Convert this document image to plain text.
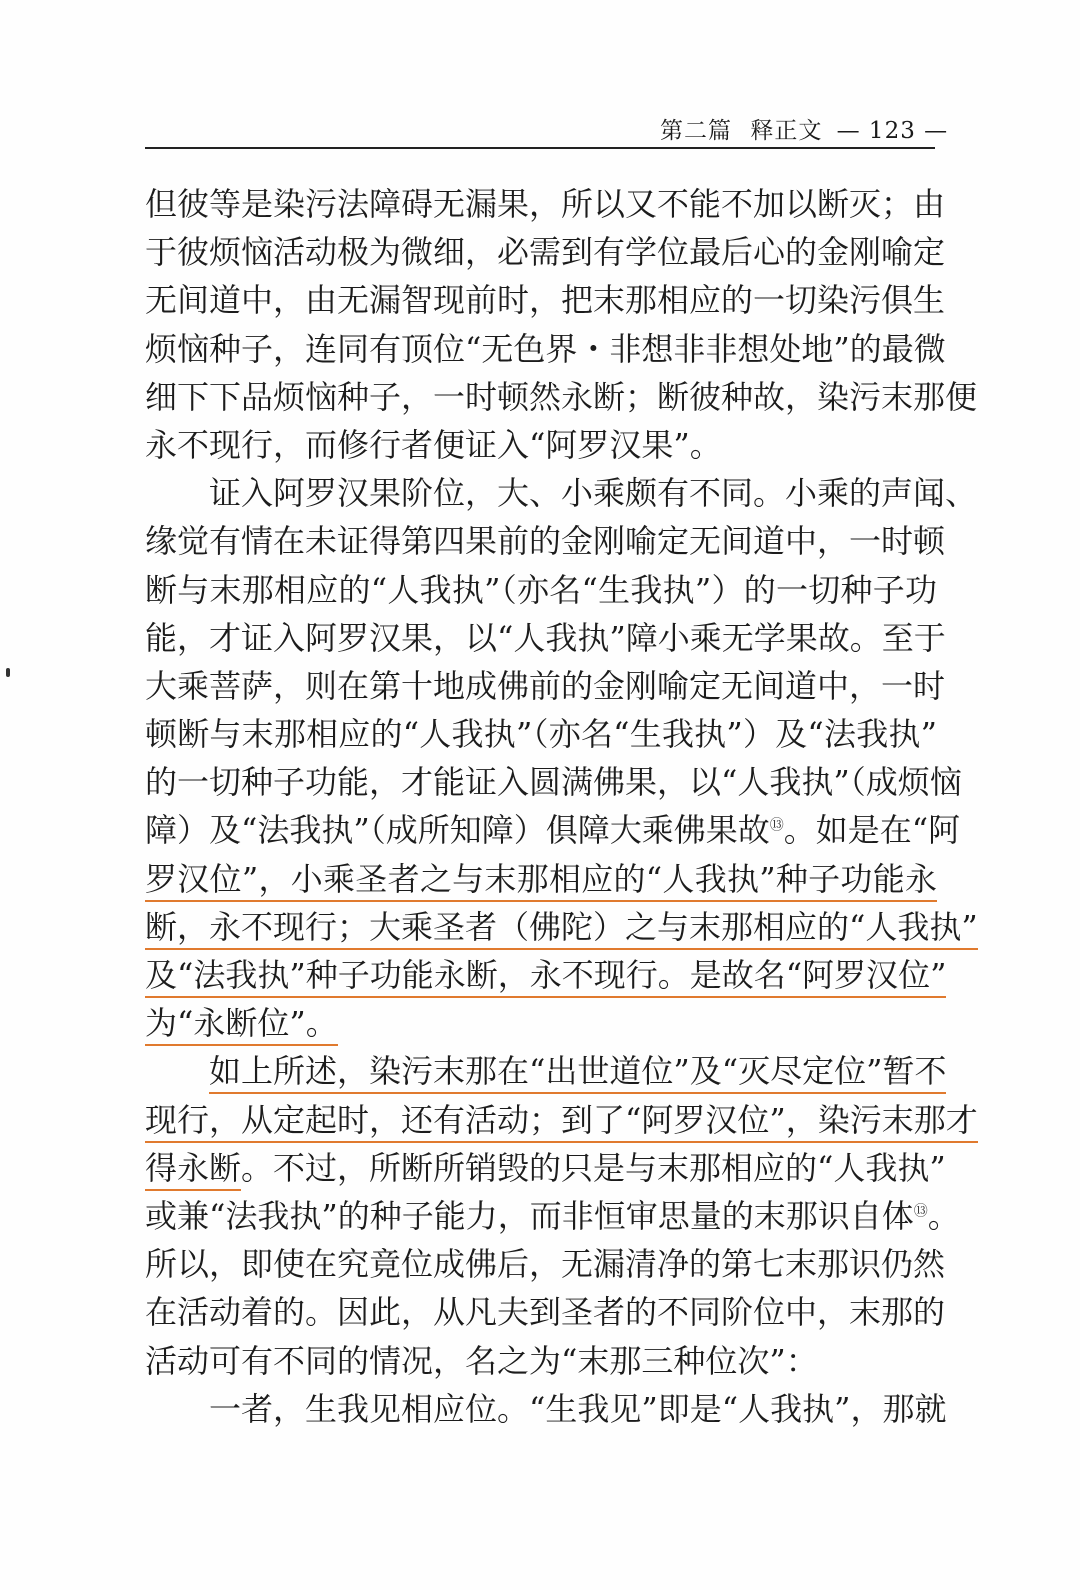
第二篇 释正文 — 123 —
但彼等是染污法障碍无漏果，所以又不能不加以断灭；由
于彼烦恼活动极为微细，必需到有学位最后心的金刚喻定
无间道中，由无漏智现前时，把末那相应的一切染污俱生
烦恼种子，连同有顶位“无色界・非想非非想处地”的最微
细下下品烦恼种子，一时顿然永断；断彼种故，染污末那便
永不现行，而修行者便证入“阿罗汉果”。
证入阿罗汉果阶位，大、小乘颇有不同。小乘的声闻、
缘觉有情在未证得第四果前的金刚喻定无间道中，一时顿
断与末那相应的“人我执”（亦名“生我执”）的一切种子功
能，才证入阿罗汉果，以“人我执”障小乘无学果故。至于
大乘菩萨，则在第十地成佛前的金刚喻定无间道中，一时
顿断与末那相应的“人我执”（亦名“生我执”）及“法我执”
的一切种子功能，才能证入圆满佛果，以“人我执”（成烦恼
障）及“法我执”（成所知障）俱障大乘佛果故⑬。如是在“阿
罗汉位”，小乘圣者之与末那相应的“人我执”种子功能永
断，永不现行；大乘圣者（佛陀）之与末那相应的“人我执”
及“法我执”种子功能永断，永不现行。是故名“阿罗汉位”
为“永断位”。
如上所述，染污末那在“出世道位”及“灭尽定位”暂不
现行，从定起时，还有活动；到了“阿罗汉位”，染污末那才
得永断。不过，所断所销毁的只是与末那相应的“人我执”
或兼“法我执”的种子能力，而非恒审思量的末那识自体⑬。
所以，即使在究竟位成佛后，无漏清净的第七末那识仍然
在活动着的。因此，从凡夫到圣者的不同阶位中，末那的
活动可有不同的情况，名之为“末那三种位次”：
一者，生我见相应位。“生我见”即是“人我执”，那就
